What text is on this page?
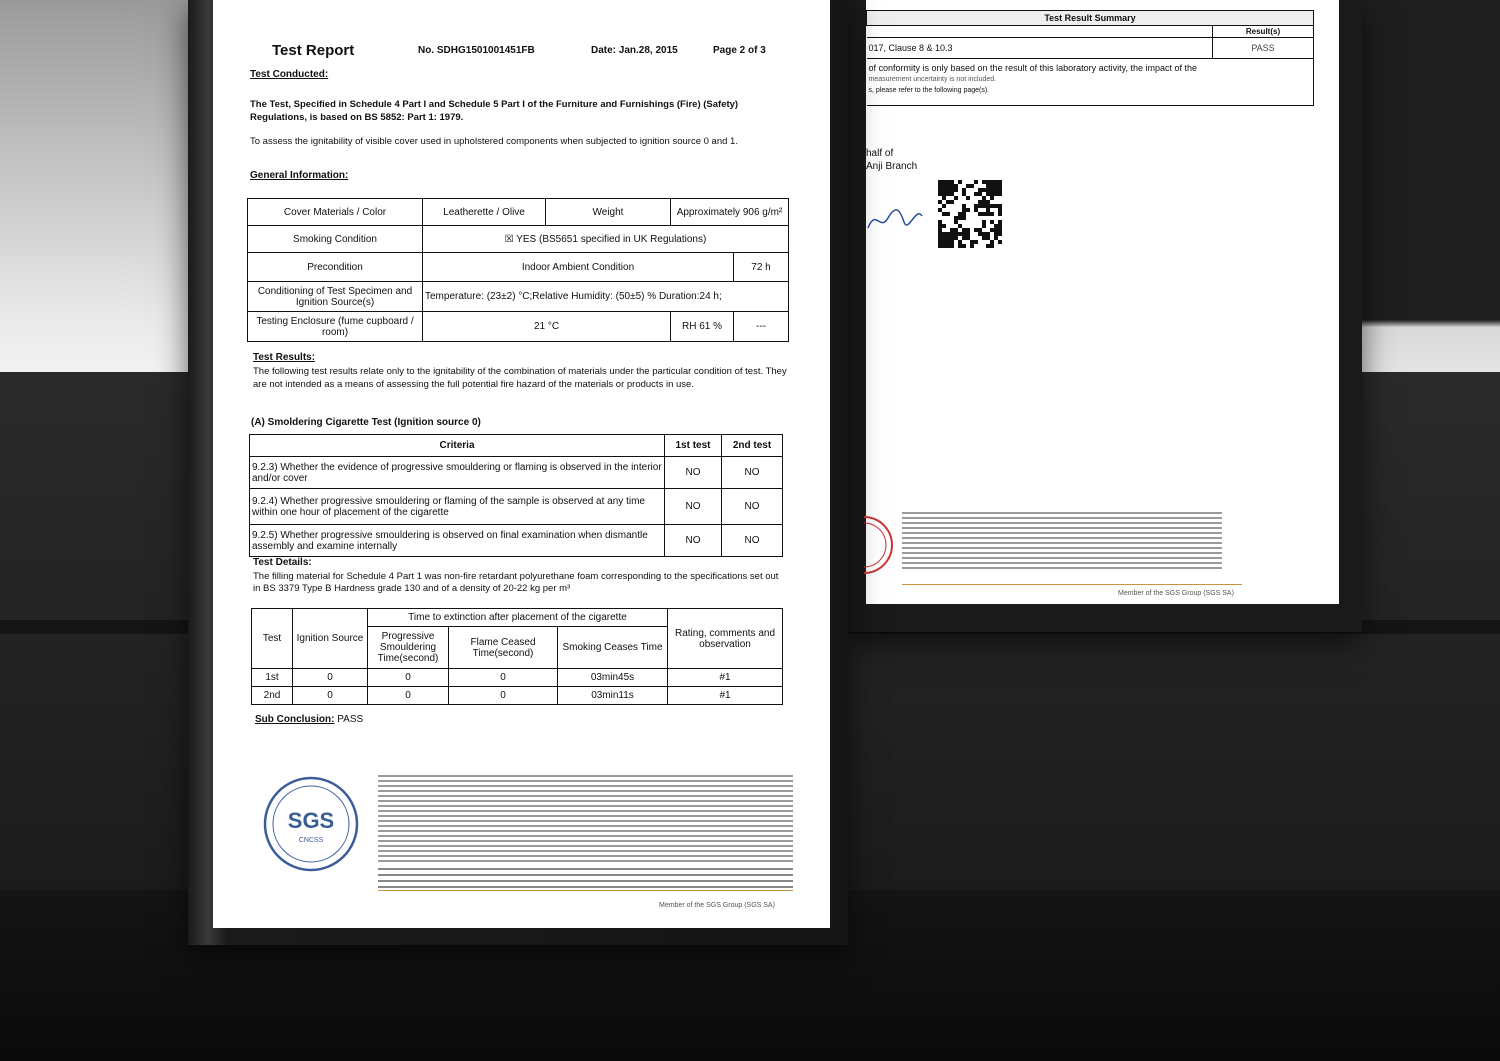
Test Result Summary	
	Result(s)
017, Clause 8 & 10.3	PASS

of conformity is only based on the result of this laboratory activity, the impact of the
measurement uncertainty is not included.
s, please refer to the following page(s).	
half of
Anji Branch
Member of the SGS Group (SGS SA)
Test Report	No. SDHG1501001451FB	Date: Jan.28, 2015	Page 2 of 3
Test Conducted:
The Test, Specified in Schedule 4 Part I and Schedule 5 Part I of the Furniture and Furnishings (Fire) (Safety) Regulations, is based on BS 5852: Part 1: 1979.
To assess the ignitability of visible cover used in upholstered components when subjected to ignition source 0 and 1.
General Information:
Cover Materials / Color	Leatherette / Olive	Weight	Approximately 906 g/m²	
Smoking Condition	☒ YES (BS5651 specified in UK Regulations)			
Precondition	Indoor Ambient Condition			72 h
Conditioning of Test Specimen and Ignition Source(s)	Temperature: (23±2) °C;Relative Humidity: (50±5) % Duration:24 h;			
Testing Enclosure (fume cupboard / room)	21 °C		RH 61 %	---
Test Results:
The following test results relate only to the ignitability of the combination of materials under the particular condition of test. They are not intended as a means of assessing the full potential fire hazard of the materials or products in use.
(A) Smoldering Cigarette Test (Ignition source 0)
Criteria	1st test	2nd test
9.2.3) Whether the evidence of progressive smouldering or flaming is observed in the interior and/or cover	NO	NO
9.2.4) Whether progressive smouldering or flaming of the sample is observed at any time within one hour of placement of the cigarette	NO	NO
9.2.5) Whether progressive smouldering is observed on final examination when dismantle assembly and examine internally	NO	NO
Test Details:
The filling material for Schedule 4 Part 1 was non-fire retardant polyurethane foam corresponding to the specifications set out in BS 3379 Type B Hardness grade 130 and of a density of 20-22 kg per m³
Test	Ignition Source	Time to extinction after placement of the cigarette			Rating, comments and observation
		Progressive Smouldering Time(second)	Flame Ceased Time(second)	Smoking Ceases Time	
1st	0	0	0	03min45s	#1
2nd	0	0	0	03min11s	#1
Sub Conclusion: PASS
SGS
CNCSS
Member of the SGS Group (SGS SA)
